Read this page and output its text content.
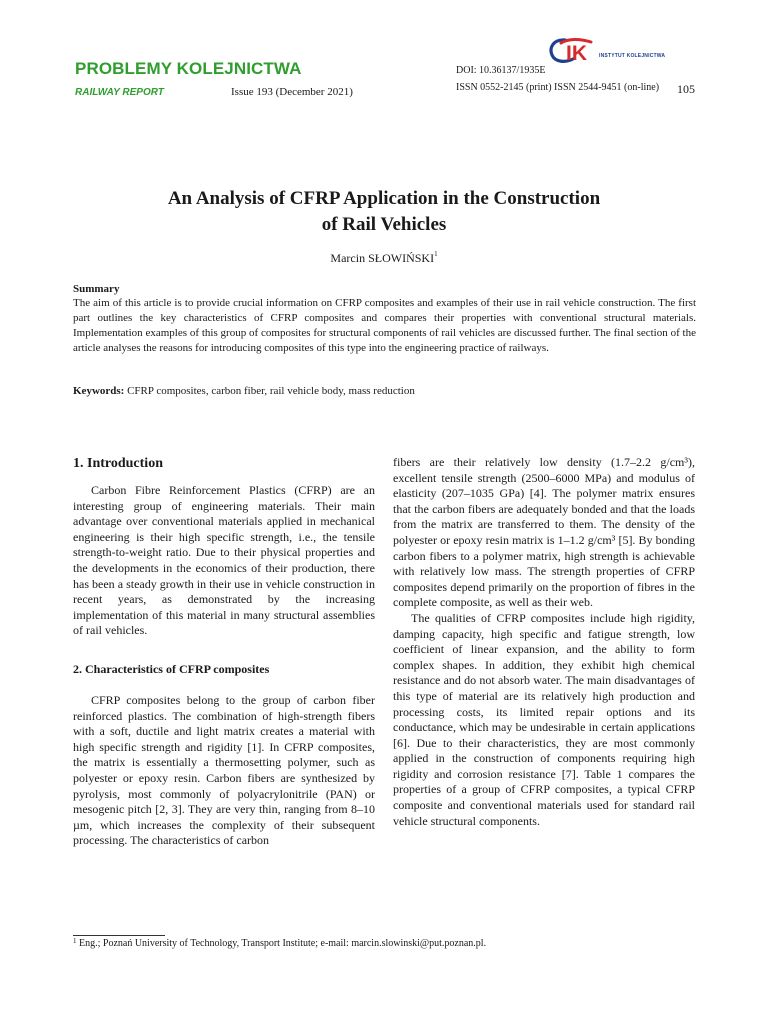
PROBLEMY KOLEJNICTWA
RAILWAY REPORT	Issue 193 (December 2021)
IK INSTYTUT KOLEJNICTWA
DOI: 10.36137/1935E
ISSN 0552-2145 (print) ISSN 2544-9451 (on-line) 105
An Analysis of CFRP Application in the Construction
of Rail Vehicles
Marcin SŁOWIŃSKI$^1$
Summary

The aim of this article is to provide crucial information on CFRP composites and examples of their use in rail vehicle construction. The first part outlines the key characteristics of CFRP composites and compares their properties with conventional structural materials. Implementation examples of this group of composites for structural components of rail vehicles are discussed further. The final section of the article analyses the reasons for introducing composites of this type into the engineering practice of railways.

Keywords: CFRP composites, carbon fiber, rail vehicle body, mass reduction
1. Introduction

Carbon Fibre Reinforcement Plastics (CFRP) are an interesting group of engineering materials. Their main advantage over conventional materials applied in mechanical engineering is their high specific strength, i.e., the tensile strength-to-weight ratio. Due to their physical properties and the developments in the economics of their production, there has been a steady growth in their use in vehicle construction in recent years, as demonstrated by the increasing implementation of this material in many structural assemblies of rail vehicles.

2. Characteristics of CFRP composites

CFRP composites belong to the group of carbon fiber reinforced plastics. The combination of high-strength fibers with a soft, ductile and light matrix creates a material with high specific strength and rigidity [1]. In CFRP composites, the matrix is essentially a thermosetting polymer, such as polyester or epoxy resin. Carbon fibers are synthesized by pyrolysis, most commonly of polyacrylonitrile (PAN) or mesogenic pitch [2, 3]. They are very thin, ranging from 8–10 µm, which increases the complexity of their subsequent processing. The characteristics of carbon

fibers are their relatively low density (1.7–2.2 g/cm³), excellent tensile strength (2500–6000 MPa) and modulus of elasticity (207–1035 GPa) [4]. The polymer matrix ensures that the carbon fibers are adequately bonded and that the loads from the matrix are transferred to them. The density of the polyester or epoxy resin matrix is 1–1.2 g/cm³ [5]. By bonding carbon fibers to a polymer matrix, high strength is achievable with relatively low mass. The strength properties of CFRP composites depend primarily on the proportion of fibres in the complete composite, as well as their web.

The qualities of CFRP composites include high rigidity, damping capacity, high specific and fatigue strength, low coefficient of linear expansion, and the ability to form complex shapes. In addition, they exhibit high chemical resistance and do not absorb water. The main disadvantages of this type of material are its relatively high production and processing costs, its limited repair options and its conductance, which may be undesirable in certain applications [6]. Due to their characteristics, they are most commonly applied in the construction of components requiring high rigidity and corrosion resistance [7]. Table 1 compares the properties of a group of CFRP composites, a typical CFRP composite and conventional materials used for standard rail vehicle structural components.

$^1$ Eng.; Poznań University of Technology, Transport Institute; e-mail: marcin.slowinski@put.poznan.pl.
